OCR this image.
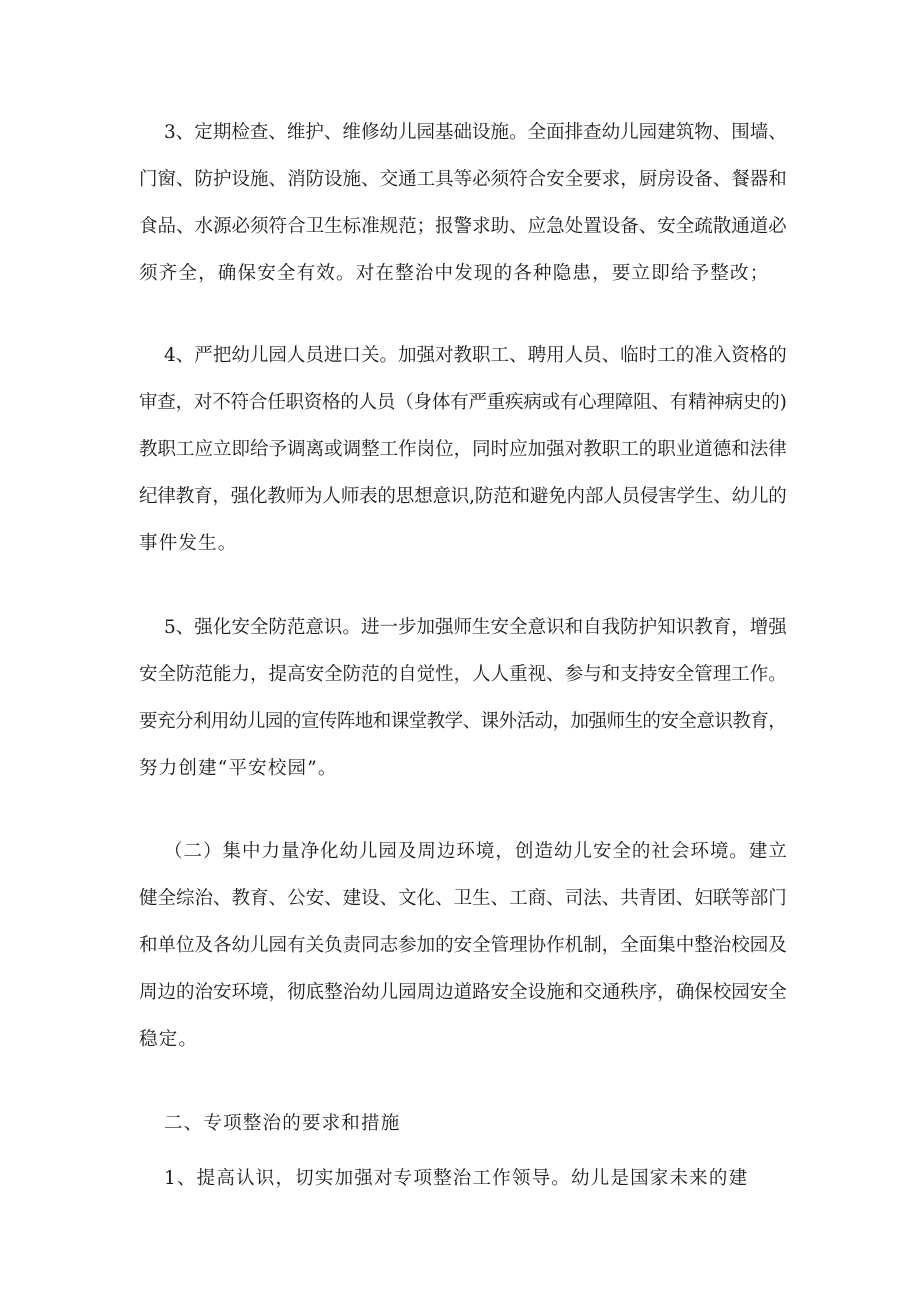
3、定期检查、维护、维修幼儿园基础设施。全面排查幼儿园建筑物、围墙、
门窗、防护设施、消防设施、交通工具等必须符合安全要求，厨房设备、餐器和
食品、水源必须符合卫生标准规范；报警求助、应急处置设备、安全疏散通道必
须齐全，确保安全有效。对在整治中发现的各种隐患，要立即给予整改；
4、严把幼儿园人员进口关。加强对教职工、聘用人员、临时工的准入资格的
审查，对不符合任职资格的人员（身体有严重疾病或有心理障阻、有精神病史的)
教职工应立即给予调离或调整工作岗位，同时应加强对教职工的职业道德和法律
纪律教育，强化教师为人师表的思想意识,防范和避免内部人员侵害学生、幼儿的
事件发生。
5、强化安全防范意识。进一步加强师生安全意识和自我防护知识教育，增强
安全防范能力，提高安全防范的自觉性，人人重视、参与和支持安全管理工作。
要充分利用幼儿园的宣传阵地和课堂教学、课外活动，加强师生的安全意识教育，
努力创建“平安校园”。
（二）集中力量净化幼儿园及周边环境，创造幼儿安全的社会环境。建立
健全综治、教育、公安、建设、文化、卫生、工商、司法、共青团、妇联等部门
和单位及各幼儿园有关负责同志参加的安全管理协作机制，全面集中整治校园及
周边的治安环境，彻底整治幼儿园周边道路安全设施和交通秩序，确保校园安全
稳定。
二、专项整治的要求和措施
1、提高认识，切实加强对专项整治工作领导。幼儿是国家未来的建
